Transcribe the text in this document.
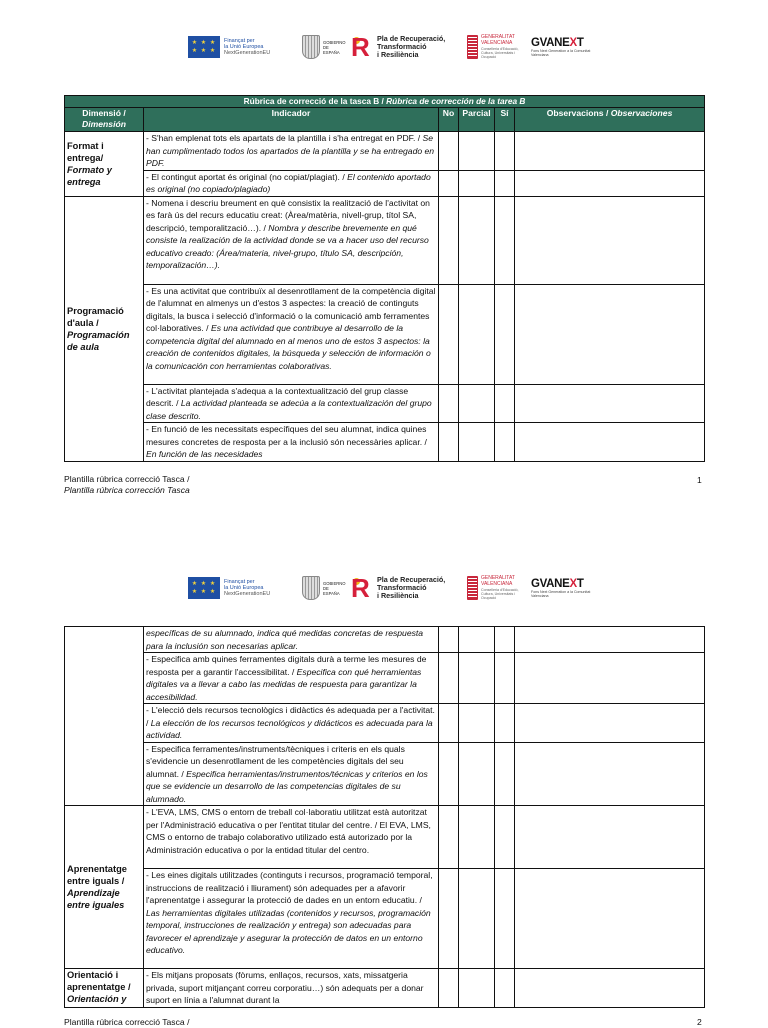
★ ★ ★ ★ ★ ★
Finançat per
la Unió Europea
NextGenerationEU
GOBIERNO
DE ESPAÑA R	Pla de Recuperació,
Transformació
i Resiliència
GENERALITAT
VALENCIANA
Conselleria d'Educació, Cultura, Universitats i Ocupació
GVANEXT
Fons Next Generation a la Comunitat Valenciana
Rúbrica de correcció de la tasca B / Rúbrica de corrección de la tarea B					

Dimensió /
Dimensión	Indicador	No	Parcial	Sí	Observacions / Observaciones

Format i entrega/
Formato y entrega	- S'han emplenat tots els apartats de la plantilla i s'ha entregat en PDF. / Se han cumplimentado todos los apartados de la plantilla y se ha entregado en PDF.				
	- El contingut aportat és original (no copiat/plagiat). / El contenido aportado es original (no copiado/plagiado)				

Programació d'aula /
Programación de aula	- Nomena i descriu breument en què consistix la realització de l'activitat on es farà ús del recurs educatiu creat: (Àrea/matèria, nivell-grup, títol SA, descripció, temporalització…). / Nombra y describe brevemente en qué consiste la realización de la actividad donde se va a hacer uso del recurso educativo creado: (Área/materia, nivel-grupo, título SA, descripción, temporalización…).				
	- Es una activitat que contribuïx al desenrotllament de la competència digital de l'alumnat en almenys un d'estos 3 aspectes: la creació de continguts digitals, la busca i selecció d'informació o la comunicació amb ferramentes col·laboratives. / Es una actividad que contribuye al desarrollo de la competencia digital del alumnado en al menos uno de estos 3 aspectos: la creación de contenidos digitales, la búsqueda y selección de información o la comunicación con herramientas colaborativas.				
	- L'activitat plantejada s'adequa a la contextualització del grup classe descrit. / La actividad planteada se adecúa a la contextualización del grupo clase descrito.				
	- En funció de les necessitats específiques del seu alumnat, indica quines mesures concretes de resposta per a la inclusió són necessàries aplicar. / En función de las necesidades				
Plantilla rúbrica correcció Tasca /
Plantilla rúbrica corrección Tasca
1
★ ★ ★ ★ ★ ★
Finançat per
la Unió Europea
NextGenerationEU
GOBIERNO
DE ESPAÑA R	Pla de Recuperació,
Transformació
i Resiliència
GENERALITAT
VALENCIANA
Conselleria d'Educació, Cultura, Universitats i Ocupació
GVANEXT
Fons Next Generation a la Comunitat Valenciana
	específicas de su alumnado, indica qué medidas concretas de respuesta para la inclusión son necesarias aplicar.				
	- Especifica amb quines ferramentes digitals durà a terme les mesures de resposta per a garantir l'accessibilitat. / Especifica con qué herramientas digitales va a llevar a cabo las medidas de respuesta para garantizar la accesibilidad.				
	- L'elecció dels recursos tecnològics i didàctics és adequada per a l'activitat. / La elección de los recursos tecnológicos y didácticos es adecuada para la actividad.				
	- Especifica ferramentes/instruments/tècniques i criteris en els quals s'evidencie un desenrotllament de les competències digitals del seu alumnat. / Especifica herramientas/instrumentos/técnicas y criterios en los que se evidencie un desarrollo de las competencias digitales de su alumnado.				

Aprenentatge entre iguals /
Aprendizaje entre iguales	- L'EVA, LMS, CMS o entorn de treball col·laboratiu utilitzat està autoritzat per l'Administració educativa o per l'entitat titular del centre. / El EVA, LMS, CMS o entorno de trabajo colaborativo utilizado está autorizado por la Administración educativa o por la entidad titular del centro.				
	- Les eines digitals utilitzades (continguts i recursos, programació temporal, instruccions de realització i lliurament) són adequades per a afavorir l'aprenentatge i assegurar la protecció de dades en un entorn educatiu. / Las herramientas digitales utilizadas (contenidos y recursos, programación temporal, instrucciones de realización y entrega) son adecuadas para favorecer el aprendizaje y asegurar la protección de datos en un entorno educativo.				

Orientació i aprenentatge /
Orientación y	- Els mitjans proposats (fòrums, enllaços, recursos, xats, missatgeria privada, suport mitjançant correu corporatiu…) són adequats per a donar suport en línia a l'alumnat durant la				
Plantilla rúbrica correcció Tasca /	2
